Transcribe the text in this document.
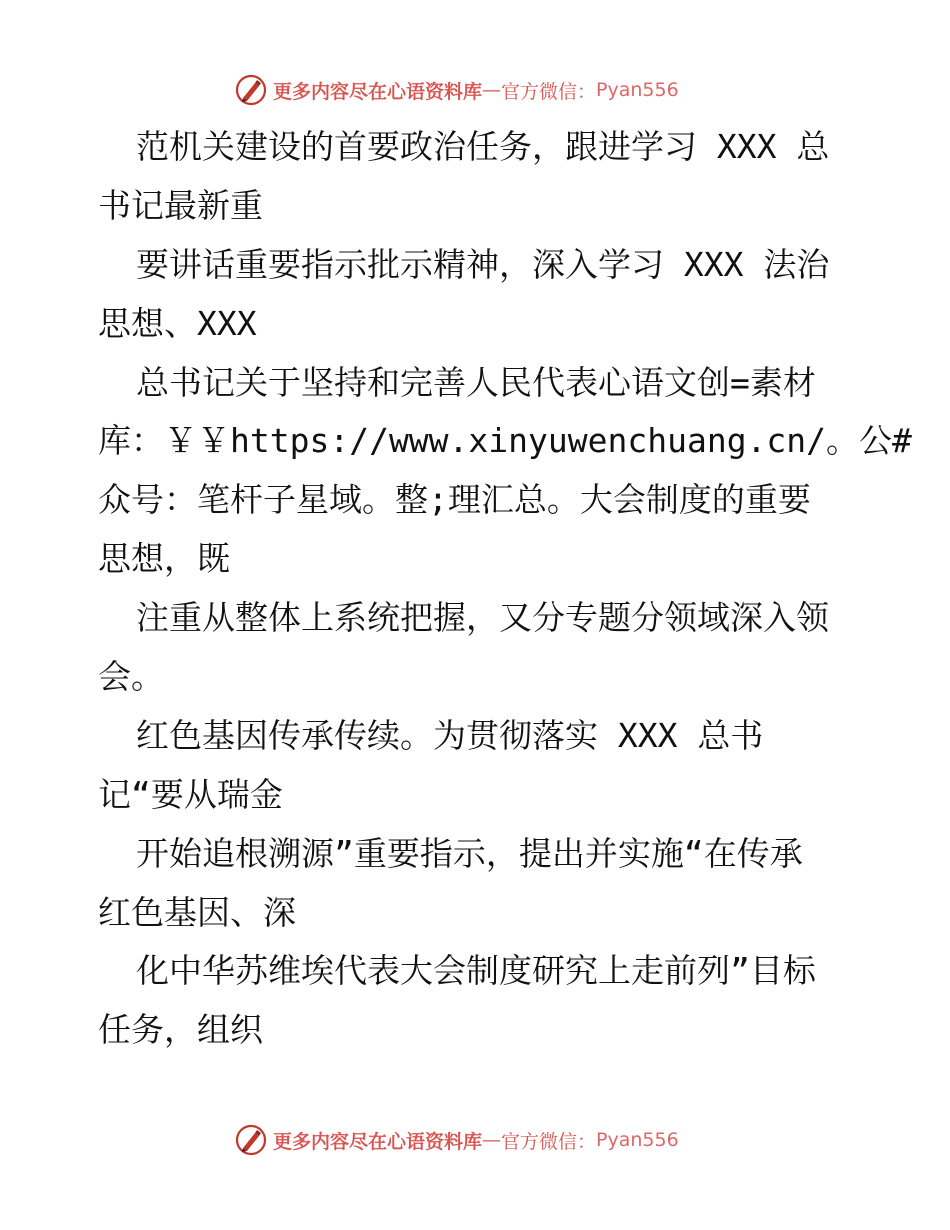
更多内容尽在心语资料库 — 官方微信： Pyan556
范机关建设的首要政治任务，跟进学习 XXX 总
书记最新重
要讲话重要指示批示精神，深入学习 XXX 法治
思想、XXX
总书记关于坚持和完善人民代表心语文创=素材
库：￥￥https://www.xinyuwenchuang.cn/。公#
众号：笔杆子星域。整;理汇总。大会制度的重要
思想，既
注重从整体上系统把握，又分专题分领域深入领
会。
红色基因传承传续。为贯彻落实 XXX 总书
记“要从瑞金
开始追根溯源”重要指示，提出并实施“在传承
红色基因、深
化中华苏维埃代表大会制度研究上走前列”目标
任务，组织
更多内容尽在心语资料库 — 官方微信： Pyan556
